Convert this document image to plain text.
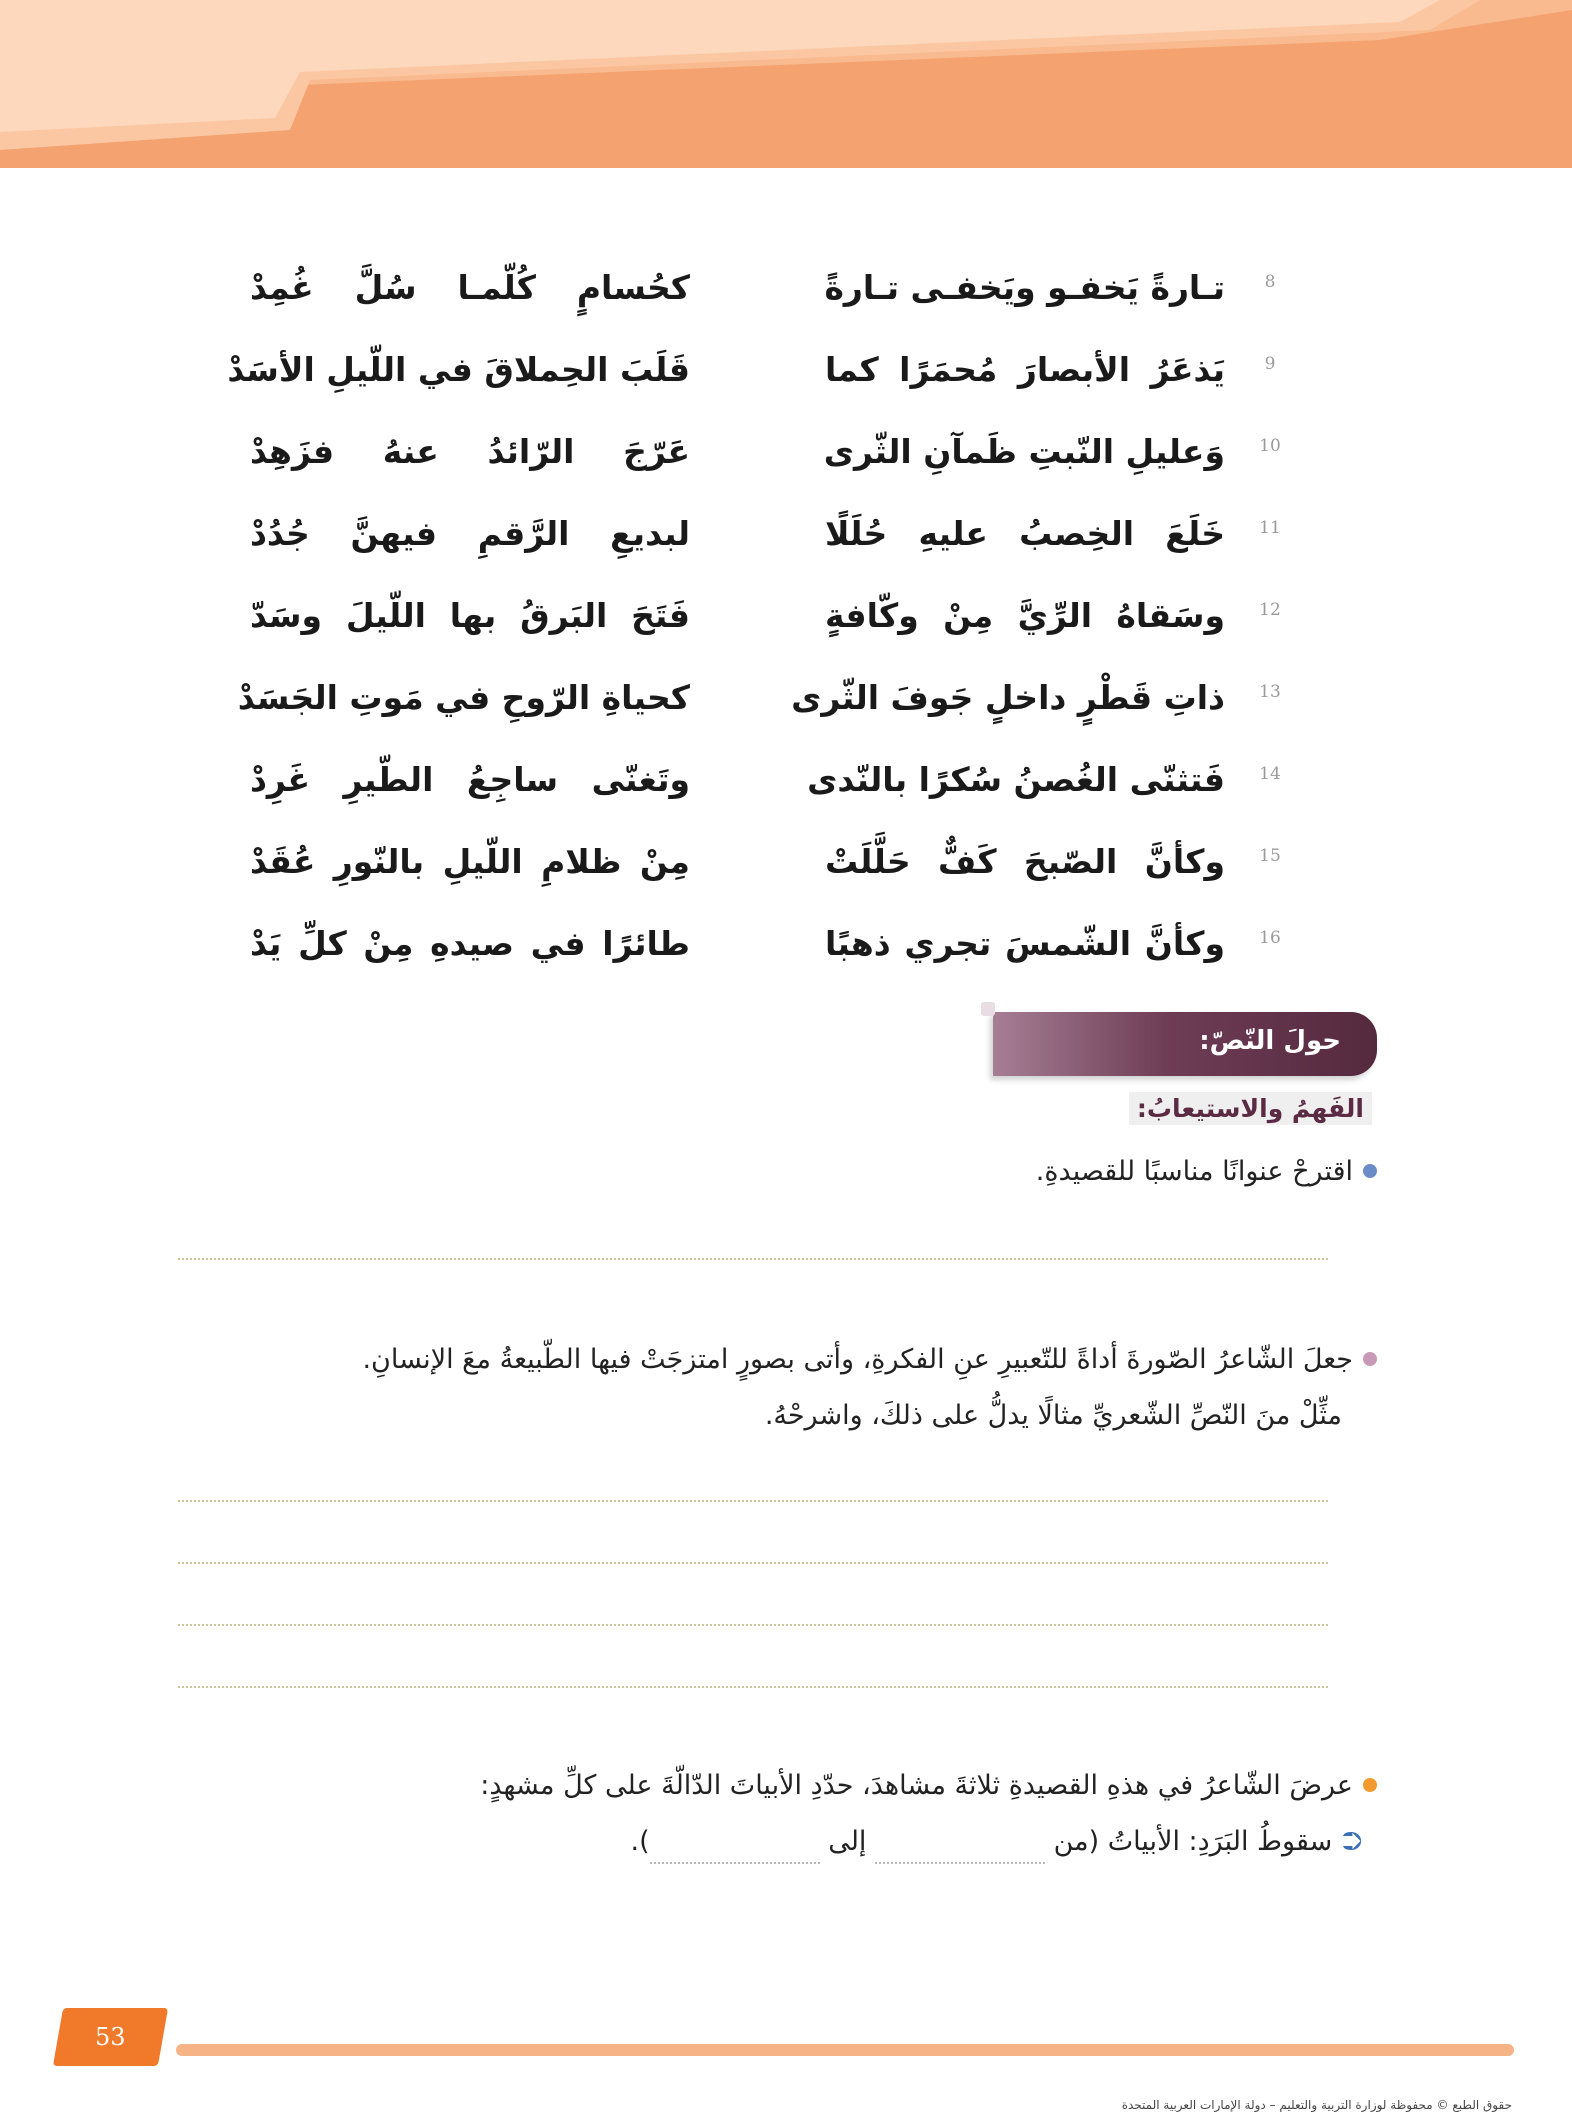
8
تـارةً يَخفـو ويَخفـى تـارةً
كحُسامٍ كُلّمـا سُلَّ غُمِدْ
9
يَذعَرُ الأبصارَ مُحمَرًا كما
قَلَبَ الحِملاقَ في اللّيلِ الأسَدْ
10
وَعليلِ النّبتِ ظَمآنِ الثّرى
عَرّجَ الرّائدُ عنهُ فزَهِدْ
11
خَلَعَ الخِصبُ عليهِ حُلَلًا
لبديعِ الرَّقمِ فيهنَّ جُدُدْ
12
وسَقاهُ الرِّيَّ مِنْ وكّافةٍ
فَتَحَ البَرقُ بها اللّيلَ وسَدّ
13
ذاتِ قَطْرٍ داخلٍ جَوفَ الثّرى
كحياةِ الرّوحِ في مَوتِ الجَسَدْ
14
فَتثنّى الغُصنُ سُكرًا بالنّدى
وتَغنّى ساجِعُ الطّيرِ غَرِدْ
15
وكأنَّ الصّبحَ كَفٌّ حَلَّلَتْ
مِنْ ظلامِ اللّيلِ بالنّورِ عُقَدْ
16
وكأنَّ الشّمسَ تجري ذهبًا
طائرًا في صيدهِ مِنْ كلِّ يَدْ
حولَ النّصّ:
الفَهمُ والاستيعابُ:
اقترحْ عنوانًا مناسبًا للقصيدةِ.
جعلَ الشّاعرُ الصّورةَ أداةً للتّعبيرِ عنِ الفكرةِ، وأتى بصورٍ امتزجَتْ فيها الطّبيعةُ معَ الإنسانِ.
مثِّلْ منَ النّصِّ الشّعريِّ مثالًا يدلُّ على ذلكَ، واشرحْهُ.
عرضَ الشّاعرُ في هذهِ القصيدةِ ثلاثةَ مشاهدَ، حدّدِ الأبياتَ الدّالّةَ على كلِّ مشهدٍ:
⮊سقوطُ البَرَدِ: الأبياتُ (من  إلى ).
53
حقوق الطبع © محفوظة لوزارة التربية والتعليم – دولة الإمارات العربية المتحدة
